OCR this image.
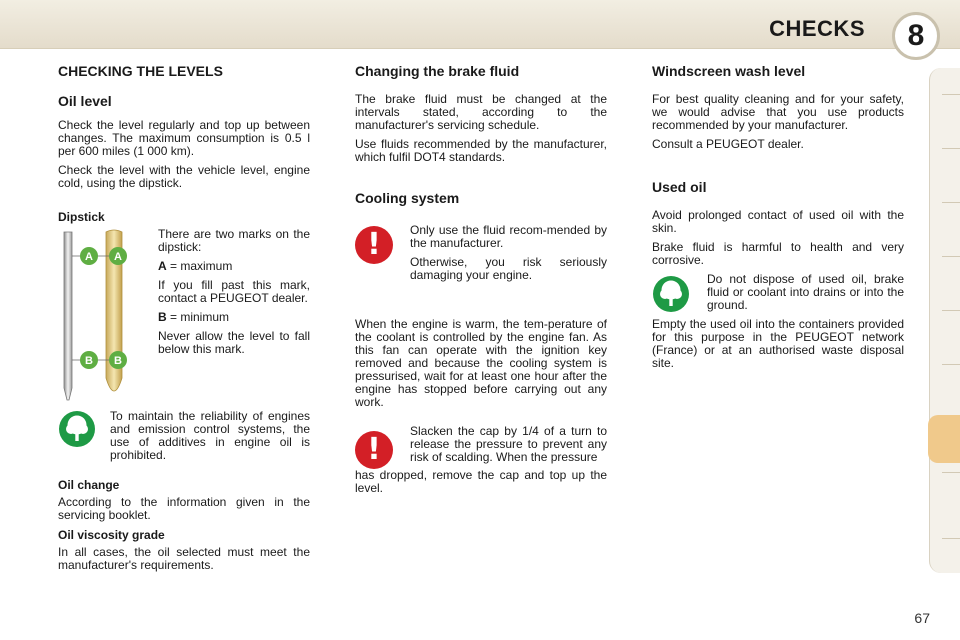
CHECKS	8
CHECKING THE LEVELS
Oil level

Check the level regularly and top up between changes. The maximum consumption is 0.5 l per 600 miles (1 000 km).

Check the level with the vehicle level, engine cold, using the dipstick.

Dipstick
A A
B B

There are two marks on the dipstick:

A = maximum

If you fill past this mark, contact a PEUGEOT dealer.

B = minimum

Never allow the level to fall below this mark.

To maintain the reliability of engines and emission control systems, the use of additives in engine oil is prohibited.

Oil change

According to the information given in the servicing booklet.

Oil viscosity grade

In all cases, the oil selected must meet the manufacturer's requirements.

Changing the brake fluid

The brake fluid must be changed at the intervals stated, according to the manufacturer's servicing schedule.

Use fluids recommended by the manufacturer, which fulfil DOT4 standards.

Cooling system
!	Only use the fluid recom-mended by the manufacturer.

Otherwise, you risk seriously damaging your engine.

When the engine is warm, the tem-perature of the coolant is controlled by the engine fan. As this fan can operate with the ignition key removed and because the cooling system is pressurised, wait for at least one hour after the engine has stopped before carrying out any work.

!

Slacken the cap by 1/4 of a turn to release the pressure to prevent any risk of scalding. When the pressure

has dropped, remove the cap and top up the level.

Windscreen wash level

For best quality cleaning and for your safety, we would advise that you use products recommended by your manufacturer.

Consult a PEUGEOT dealer.

Used oil

Avoid prolonged contact of used oil with the skin.

Brake fluid is harmful to health and very corrosive.

Do not dispose of used oil, brake fluid or coolant into drains or into the ground.

Empty the used oil into the containers provided for this purpose in the PEUGEOT network (France) or at an authorised waste disposal site.

67
